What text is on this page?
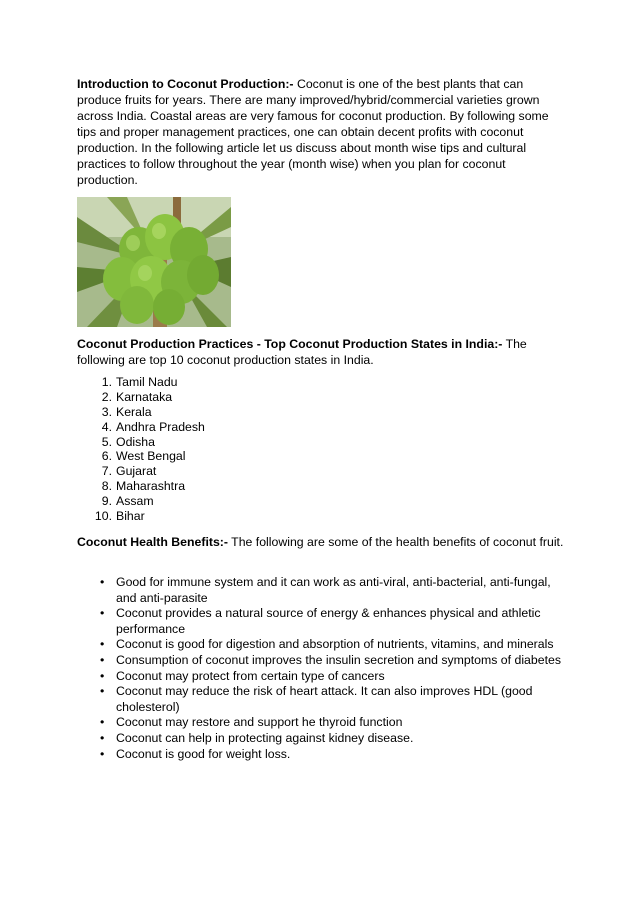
Introduction to Coconut Production:- Coconut is one of the best plants that can produce fruits for years. There are many improved/hybrid/commercial varieties grown across India. Coastal areas are very famous for coconut production. By following some tips and proper management practices, one can obtain decent profits with coconut production. In the following article let us discuss about month wise tips and cultural practices to follow throughout the year (month wise) when you plan for coconut production.

Coconut Production Practices - Top Coconut Production States in India:- The following are top 10 coconut production states in India.

1. Tamil Nadu
2. Karnataka
3. Kerala
4. Andhra Pradesh
5. Odisha
6. West Bengal
7. Gujarat
8. Maharashtra
9. Assam
10. Bihar

Coconut Health Benefits:- The following are some of the health benefits of coconut fruit.

• Good for immune system and it can work as anti-viral, anti-bacterial, anti-fungal, and anti-parasite
• Coconut provides a natural source of energy & enhances physical and athletic performance
• Coconut is good for digestion and absorption of nutrients, vitamins, and minerals
• Consumption of coconut improves the insulin secretion and symptoms of diabetes
• Coconut may protect from certain type of cancers
• Coconut may reduce the risk of heart attack. It can also improves HDL (good cholesterol)
• Coconut may restore and support he thyroid function
• Coconut can help in protecting against kidney disease.
• Coconut is good for weight loss.
